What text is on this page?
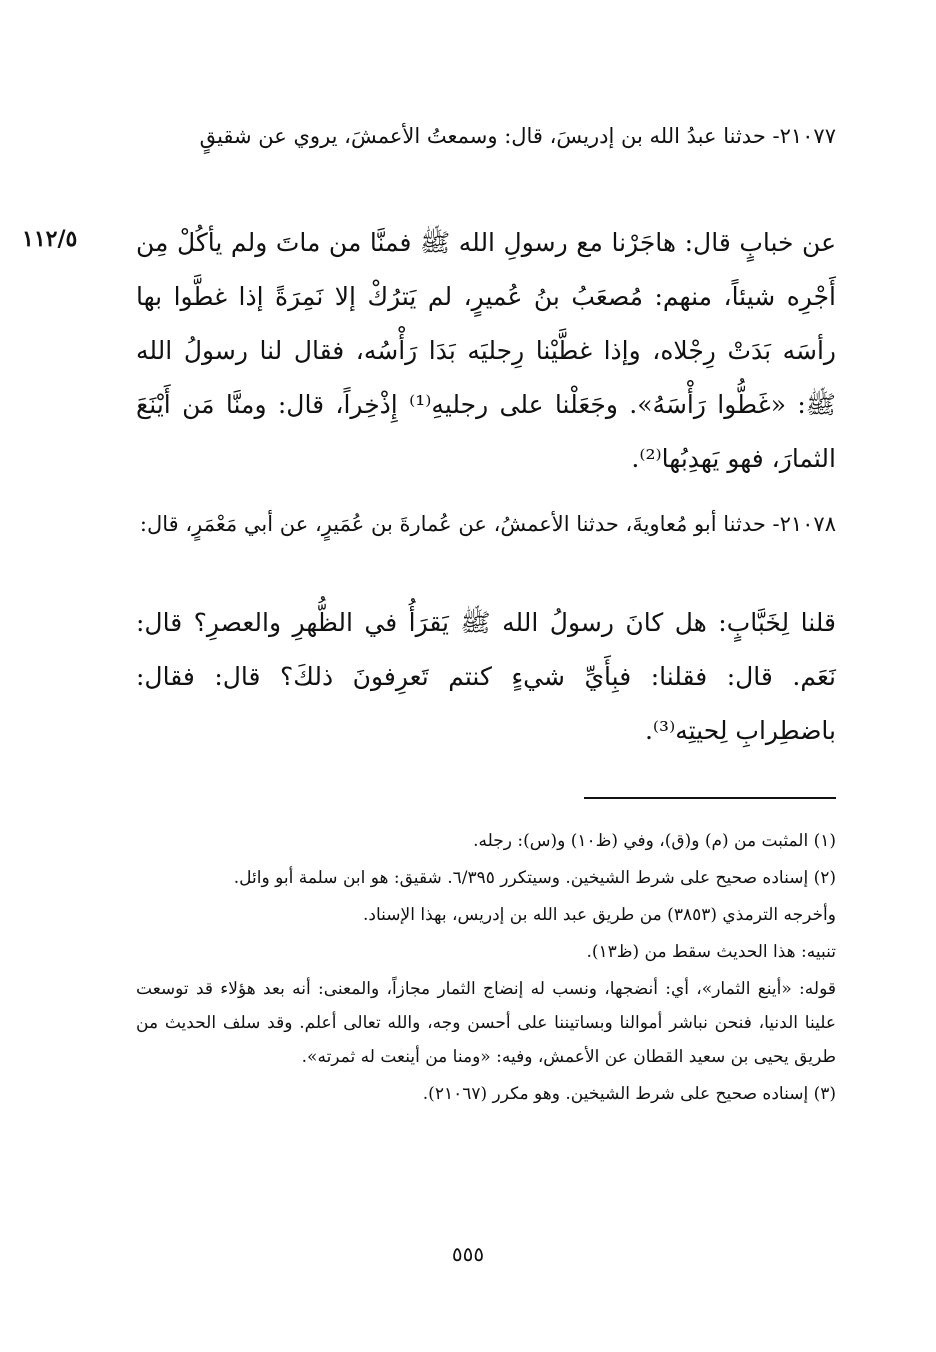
٢١٠٧٧- حدثنا عبدُ الله بن إدريسَ، قال: وسمعتُ الأعمشَ، يروي عن شقيقٍ

١١٢/٥	عن خبابٍ قال: هاجَرْنا مع رسولِ الله ﷺ فمنَّا من ماتَ ولم يأكُلْ مِن أَجْرِه شيئاً، منهم: مُصعَبُ بنُ عُميرٍ، لم يَترُكْ إلا نَمِرَةً إذا غطَّوا بها رأسَه بَدَتْ رِجْلاه، وإذا غطَّيْنا رِجليَه بَدَا رَأْسُه، فقال لنا رسولُ الله ﷺ: «غَطُّوا رَأْسَهُ». وجَعَلْنا على رجليهِ⁽¹⁾ إِذْخِراً، قال: ومنَّا مَن أَيْنَعَ الثمارَ، فهو يَهدِبُها⁽²⁾.

٢١٠٧٨- حدثنا أبو مُعاويةَ، حدثنا الأعمشُ، عن عُمارةَ بن عُمَيرٍ، عن أبي مَعْمَرٍ، قال:

قلنا لِخَبَّابٍ: هل كانَ رسولُ الله ﷺ يَقرَأُ في الظُّهرِ والعصرِ؟ قال: نَعَم. قال: فقلنا: فبِأَيِّ شيءٍ كنتم تَعرِفونَ ذلكَ؟ قال: فقال: باضطِرابِ لِحيتِه⁽³⁾.

(١) المثبت من (م) و(ق)، وفي (ظ١٠) و(س): رجله.

(٢) إسناده صحيح على شرط الشيخين. وسيتكرر ٦/٣٩٥. شقيق: هو ابن سلمة أبو وائل.

وأخرجه الترمذي (٣٨٥٣) من طريق عبد الله بن إدريس، بهذا الإسناد.

تنبيه: هذا الحديث سقط من (ظ١٣).

قوله: «أينع الثمار»، أي: أنضجها، ونسب له إنضاج الثمار مجازاً، والمعنى: أنه بعد هؤلاء قد توسعت علينا الدنيا، فنحن نباشر أموالنا وبساتيننا على أحسن وجه، والله تعالى أعلم. وقد سلف الحديث من طريق يحيى بن سعيد القطان عن الأعمش، وفيه: «ومنا من أينعت له ثمرته».

(٣) إسناده صحيح على شرط الشيخين. وهو مكرر (٢١٠٦٧).

٥٥٥
